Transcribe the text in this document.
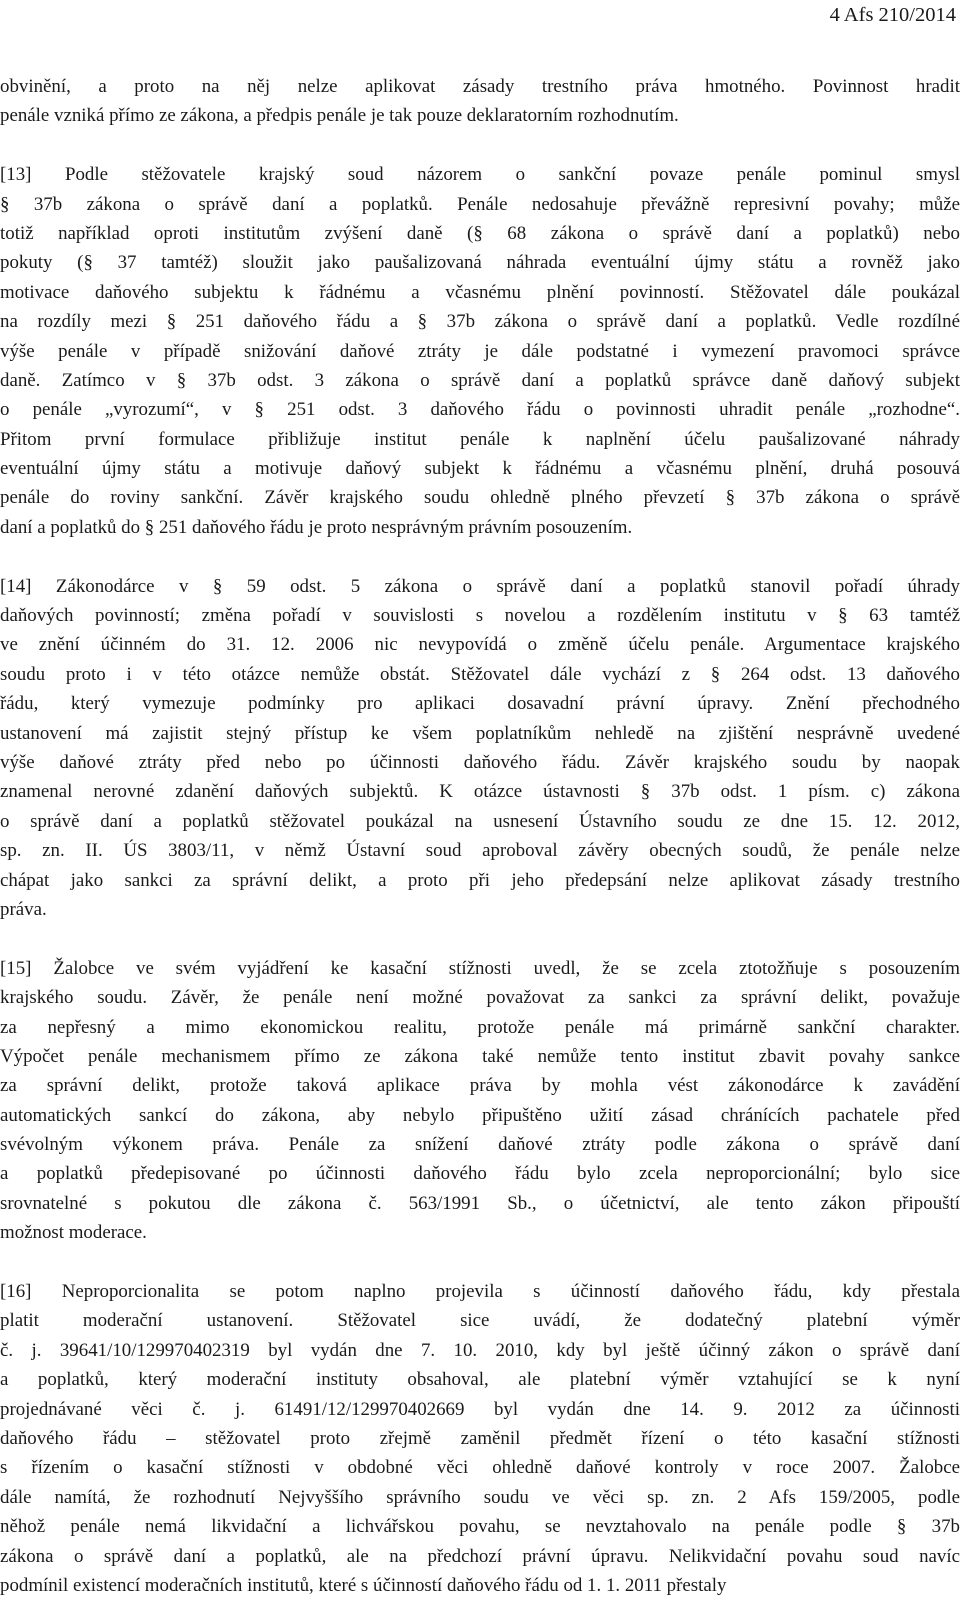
4 Afs 210/2014
obvinění, a proto na něj nelze aplikovat zásady trestního práva hmotného. Povinnost hradit
penále vzniká přímo ze zákona, a předpis penále je tak pouze deklaratorním rozhodnutím.
[13] Podle stěžovatele krajský soud názorem o sankční povaze penále pominul smysl
§ 37b zákona o správě daní a poplatků. Penále nedosahuje převážně represivní povahy; může
totiž například oproti institutům zvýšení daně (§ 68 zákona o správě daní a poplatků) nebo
pokuty (§ 37 tamtéž) sloužit jako paušalizovaná náhrada eventuální újmy státu a rovněž jako
motivace daňového subjektu k řádnému a včasnému plnění povinností. Stěžovatel dále poukázal
na rozdíly mezi § 251 daňového řádu a § 37b zákona o správě daní a poplatků. Vedle rozdílné
výše penále v případě snižování daňové ztráty je dále podstatné i vymezení pravomoci správce
daně. Zatímco v § 37b odst. 3 zákona o správě daní a poplatků správce daně daňový subjekt
o penále „vyrozumí“, v § 251 odst. 3 daňového řádu o povinnosti uhradit penále „rozhodne“.
Přitom první formulace přibližuje institut penále k naplnění účelu paušalizované náhrady
eventuální újmy státu a motivuje daňový subjekt k řádnému a včasnému plnění, druhá posouvá
penále do roviny sankční. Závěr krajského soudu ohledně plného převzetí § 37b zákona o správě
daní a poplatků do § 251 daňového řádu je proto nesprávným právním posouzením.
[14] Zákonodárce v § 59 odst. 5 zákona o správě daní a poplatků stanovil pořadí úhrady
daňových povinností; změna pořadí v souvislosti s novelou a rozdělením institutu v § 63 tamtéž
ve znění účinném do 31. 12. 2006 nic nevypovídá o změně účelu penále. Argumentace krajského
soudu proto i v této otázce nemůže obstát. Stěžovatel dále vychází z § 264 odst. 13 daňového
řádu, který vymezuje podmínky pro aplikaci dosavadní právní úpravy. Znění přechodného
ustanovení má zajistit stejný přístup ke všem poplatníkům nehledě na zjištění nesprávně uvedené
výše daňové ztráty před nebo po účinnosti daňového řádu. Závěr krajského soudu by naopak
znamenal nerovné zdanění daňových subjektů. K otázce ústavnosti § 37b odst. 1 písm. c) zákona
o správě daní a poplatků stěžovatel poukázal na usnesení Ústavního soudu ze dne 15. 12. 2012,
sp. zn. II. ÚS 3803/11, v němž Ústavní soud aproboval závěry obecných soudů, že penále nelze
chápat jako sankci za správní delikt, a proto při jeho předepsání nelze aplikovat zásady trestního
práva.
[15] Žalobce ve svém vyjádření ke kasační stížnosti uvedl, že se zcela ztotožňuje s posouzením
krajského soudu. Závěr, že penále není možné považovat za sankci za správní delikt, považuje
za nepřesný a mimo ekonomickou realitu, protože penále má primárně sankční charakter.
Výpočet penále mechanismem přímo ze zákona také nemůže tento institut zbavit povahy sankce
za správní delikt, protože taková aplikace práva by mohla vést zákonodárce k zavádění
automatických sankcí do zákona, aby nebylo připuštěno užití zásad chránících pachatele před
svévolným výkonem práva. Penále za snížení daňové ztráty podle zákona o správě daní
a poplatků předepisované po účinnosti daňového řádu bylo zcela neproporcionální; bylo sice
srovnatelné s pokutou dle zákona č. 563/1991 Sb., o účetnictví, ale tento zákon připouští
možnost moderace.
[16] Neproporcionalita se potom naplno projevila s účinností daňového řádu, kdy přestala
platit moderační ustanovení. Stěžovatel sice uvádí, že dodatečný platební výměr
č. j. 39641/10/129970402319 byl vydán dne 7. 10. 2010, kdy byl ještě účinný zákon o správě daní
a poplatků, který moderační instituty obsahoval, ale platební výměr vztahující se k nyní
projednávané věci č. j. 61491/12/129970402669 byl vydán dne 14. 9. 2012 za účinnosti
daňového řádu – stěžovatel proto zřejmě zaměnil předmět řízení o této kasační stížnosti
s řízením o kasační stížnosti v obdobné věci ohledně daňové kontroly v roce 2007. Žalobce
dále namítá, že rozhodnutí Nejvyššího správního soudu ve věci sp. zn. 2 Afs 159/2005, podle
něhož penále nemá likvidační a lichvářskou povahu, se nevztahovalo na penále podle § 37b
zákona o správě daní a poplatků, ale na předchozí právní úpravu. Nelikvidační povahu soud navíc
podmínil existencí moderačních institutů, které s účinností daňového řádu od 1. 1. 2011 přestaly
